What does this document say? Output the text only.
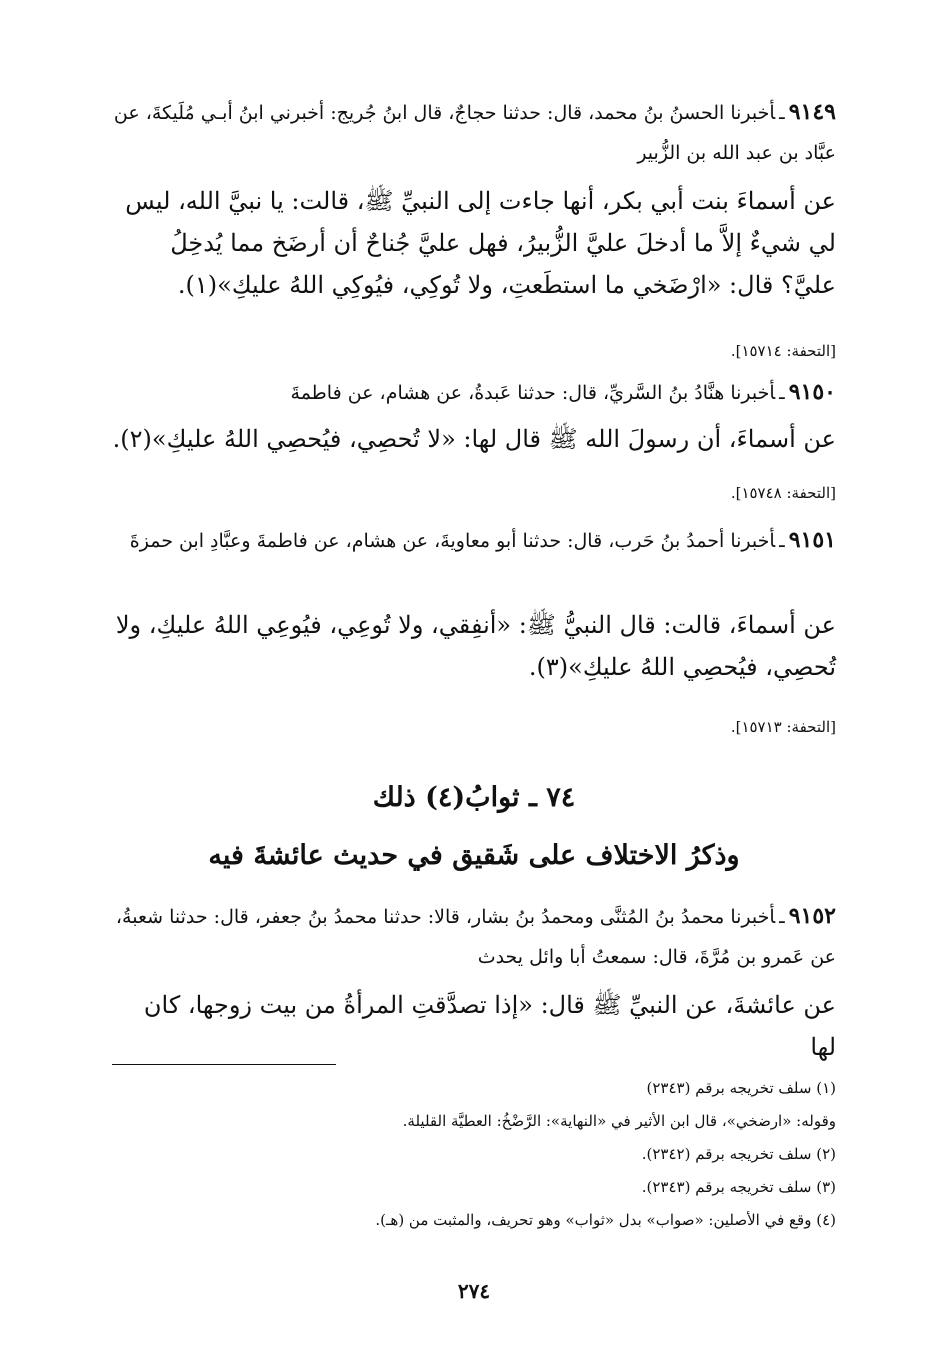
٩١٤٩ـأخبرنا الحسنُ بنُ محمد، قال: حدثنا حجاجٌ، قال ابنُ جُريج: أخبرني ابنُ أبـي مُلَيكةَ، عن عبَّاد بن عبد الله بن الزُّبير
عن أسماءَ بنت أبي بكر، أنها جاءت إلى النبيِّ ﷺ، قالت: يا نبيَّ الله، ليس لي شيءٌ إلاَّ ما أدخلَ عليَّ الزُّبيرُ، فهل عليَّ جُناحٌ أن أرضَخ مما يُدخِلُ عليَّ؟ قال: «ارْضَخي ما استطَعتِ، ولا تُوكِي، فيُوكِي اللهُ عليكِ»(١).
[التحفة: ١٥٧١٤].
٩١٥٠ـأخبرنا هنَّادُ بنُ السَّريِّ، قال: حدثنا عَبدةُ، عن هشام، عن فاطمةَ
عن أسماءَ، أن رسولَ الله ﷺ قال لها: «لا تُحصِي، فيُحصِي اللهُ عليكِ»(٢).
[التحفة: ١٥٧٤٨].
٩١٥١ـأخبرنا أحمدُ بنُ حَرب، قال: حدثنا أبو معاويةَ، عن هشام، عن فاطمةَ وعبَّادِ ابن حمزةَ
عن أسماءَ، قالت: قال النبيُّ ﷺ: «أنفِقي، ولا تُوعِي، فيُوعِي اللهُ عليكِ، ولا تُحصِي، فيُحصِي اللهُ عليكِ»(٣).
[التحفة: ١٥٧١٣].
٧٤ ـ ثوابُ(٤) ذلك
وذكرُ الاختلاف على شَقيق في حديث عائشةَ فيه
٩١٥٢ـأخبرنا محمدُ بنُ المُثنَّى ومحمدُ بنُ بشار، قالا: حدثنا محمدُ بنُ جعفر، قال: حدثنا شعبةُ، عن عَمرو بن مُرَّةَ، قال: سمعتُ أبا وائل يحدث
عن عائشةَ، عن النبيِّ ﷺ قال: «إذا تصدَّقتِ المرأةُ من بيت زوجها، كان لها
(١) سلف تخريجه برقم (٢٣٤٣)
وقوله: «ارضخي»، قال ابن الأثير في «النهاية»: الرَّضْخُ: العطيَّة القليلة.
(٢) سلف تخريجه برقم (٢٣٤٢).
(٣) سلف تخريجه برقم (٢٣٤٣).
(٤) وقع في الأصلين: «صواب» بدل «ثواب» وهو تحريف، والمثبت من (هـ).
٢٧٤
